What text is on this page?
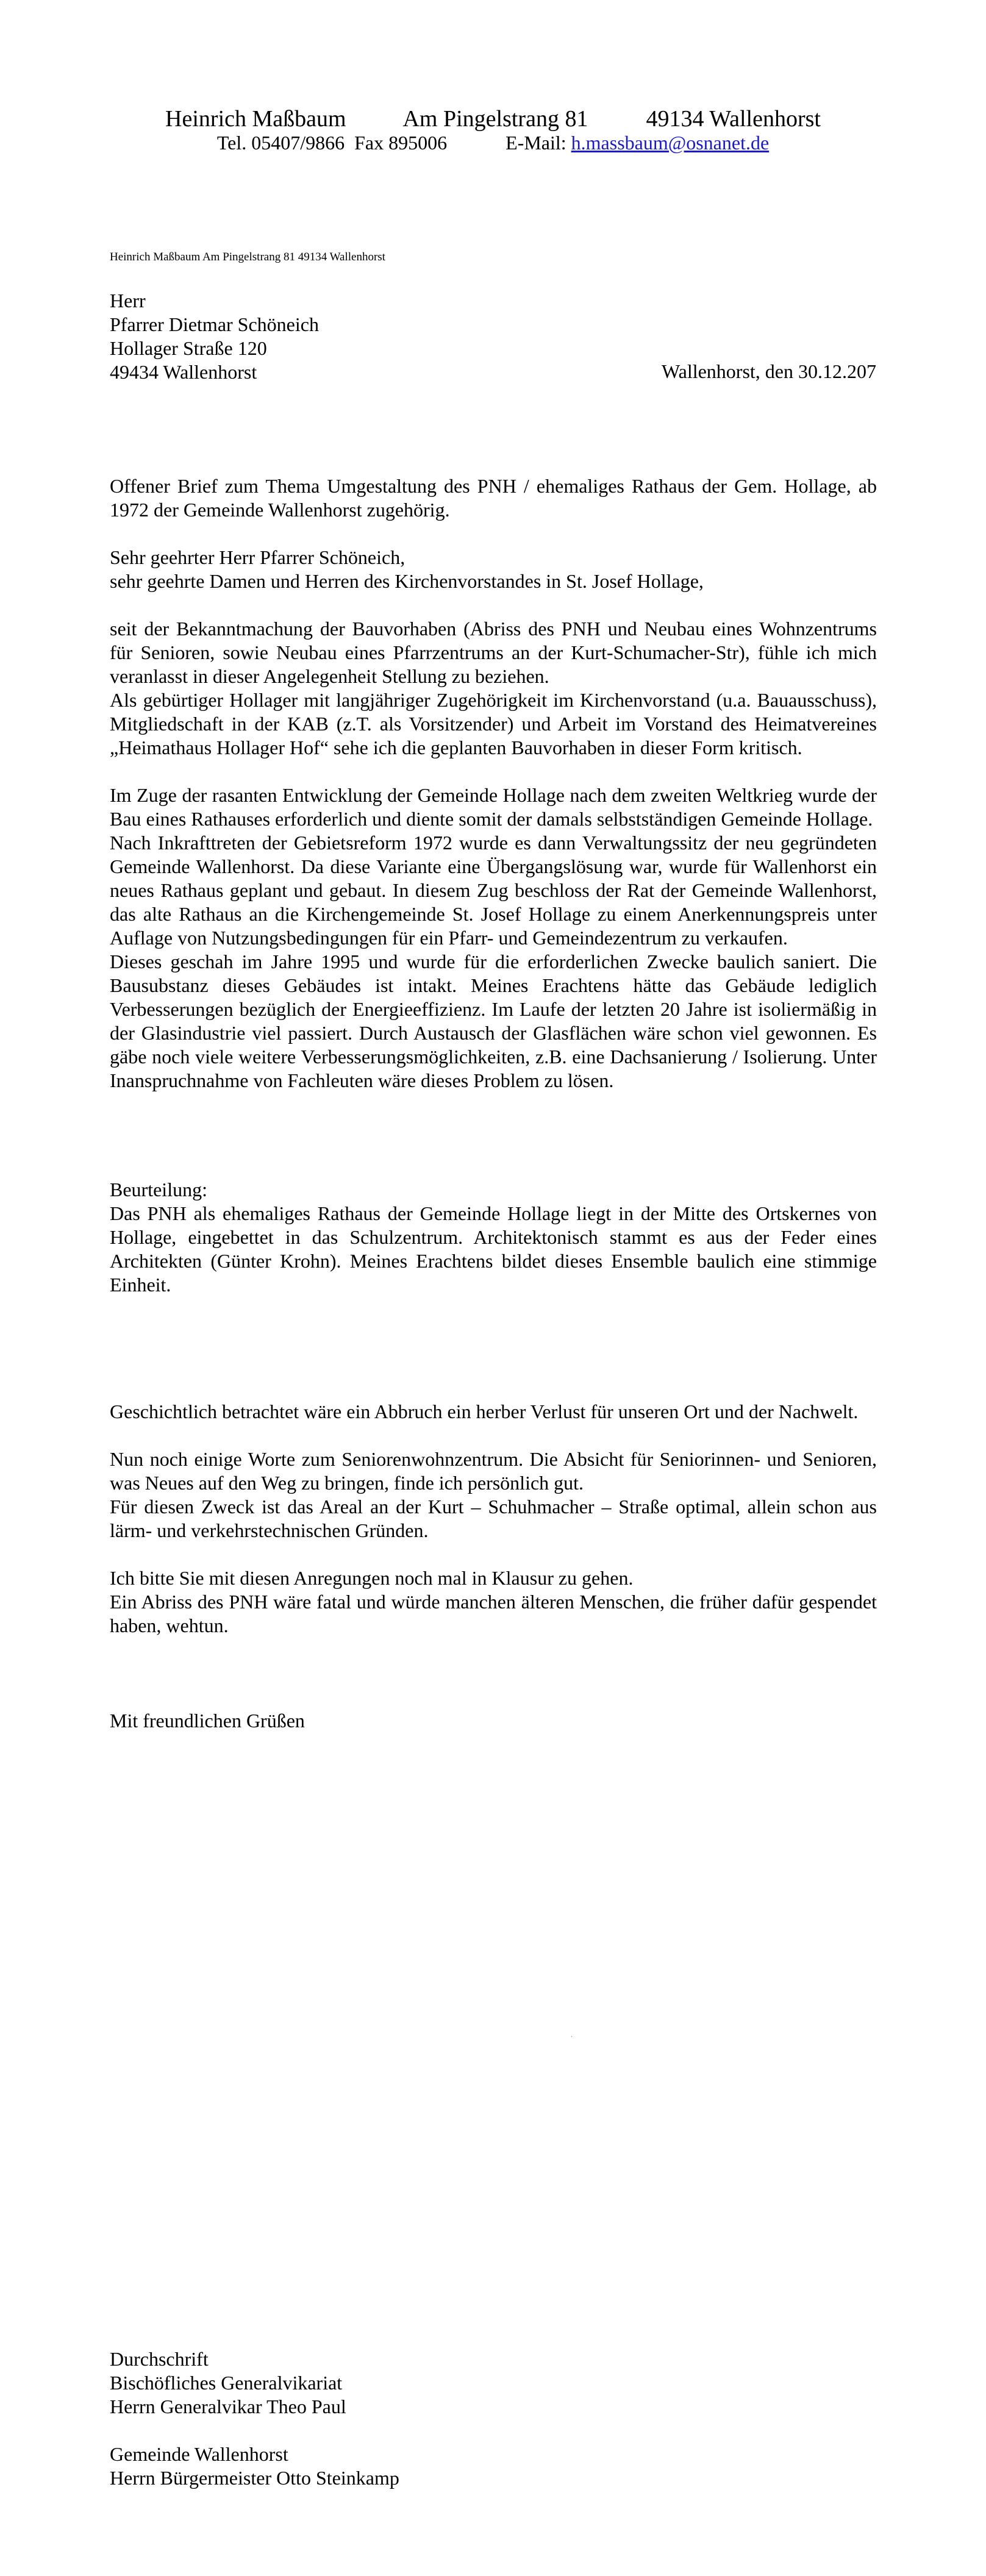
Heinrich Maßbaum          Am Pingelstrang 81          49134 Wallenhorst
Tel. 05407/9866  Fax 895006            E-Mail: h.massbaum@osnanet.de
Heinrich Maßbaum Am Pingelstrang 81 49134 Wallenhorst
Herr
Pfarrer Dietmar Schöneich
Hollager Straße 120
49434 Wallenhorst	Wallenhorst, den 30.12.207

Offener Brief zum Thema Umgestaltung des PNH / ehemaliges Rathaus der Gem. Hollage, ab 1972 der Gemeinde Wallenhorst zugehörig.

Sehr geehrter Herr Pfarrer Schöneich,

sehr geehrte Damen und Herren des Kirchenvorstandes in St. Josef Hollage,

seit der Bekanntmachung der Bauvorhaben (Abriss des PNH und Neubau eines Wohnzentrums für Senioren, sowie Neubau eines Pfarrzentrums an der Kurt-Schumacher-Str), fühle ich mich veranlasst in dieser Angelegenheit Stellung zu beziehen.

Als gebürtiger Hollager mit langjähriger Zugehörigkeit im Kirchenvorstand (u.a. Bauausschuss), Mitgliedschaft in der KAB (z.T. als Vorsitzender) und Arbeit im Vorstand des Heimatvereines „Heimathaus Hollager Hof“ sehe ich die geplanten Bauvorhaben in dieser Form kritisch.

Im Zuge der rasanten Entwicklung der Gemeinde Hollage nach dem zweiten Weltkrieg wurde der Bau eines Rathauses erforderlich und diente somit der damals selbstständigen Gemeinde Hollage.

Nach Inkrafttreten der Gebietsreform 1972 wurde es dann Verwaltungssitz der neu gegründeten Gemeinde Wallenhorst. Da diese Variante eine Übergangslösung war, wurde für Wallenhorst ein neues Rathaus geplant und gebaut. In diesem Zug beschloss der Rat der Gemeinde Wallenhorst, das alte Rathaus an die Kirchengemeinde St. Josef Hollage zu einem Anerkennungspreis unter Auflage von Nutzungsbedingungen für ein Pfarr- und Gemeindezentrum zu verkaufen.

Dieses geschah im Jahre 1995 und wurde für die erforderlichen Zwecke baulich saniert. Die Bausubstanz dieses Gebäudes ist intakt. Meines Erachtens hätte das Gebäude lediglich Verbesserungen bezüglich der Energieeffizienz. Im Laufe der letzten 20 Jahre ist isoliermäßig in der Glasindustrie viel passiert. Durch Austausch der Glasflächen wäre schon viel gewonnen. Es gäbe noch viele weitere Verbesserungsmöglichkeiten, z.B. eine Dachsanierung / Isolierung. Unter Inanspruchnahme von Fachleuten wäre dieses Problem zu lösen.

Beurteilung:

Das PNH als ehemaliges Rathaus der Gemeinde Hollage liegt in der Mitte des Ortskernes von Hollage, eingebettet in das Schulzentrum. Architektonisch stammt es aus der Feder eines Architekten (Günter Krohn). Meines Erachtens bildet dieses Ensemble baulich eine stimmige Einheit.

Geschichtlich betrachtet wäre ein Abbruch ein herber Verlust für unseren Ort und der Nachwelt.

Nun noch einige Worte zum Seniorenwohnzentrum. Die Absicht für Seniorinnen- und Senioren, was Neues auf den Weg zu bringen, finde ich persönlich gut.

Für diesen Zweck ist das Areal an der Kurt – Schuhmacher – Straße optimal, allein schon aus lärm- und verkehrstechnischen Gründen.

Ich bitte Sie mit diesen Anregungen noch mal in Klausur zu gehen.

Ein Abriss des PNH wäre fatal und würde manchen älteren Menschen, die früher dafür gespendet haben, wehtun.

Mit freundlichen Grüßen

.

Durchschrift

Bischöfliches Generalvikariat

Herrn Generalvikar Theo Paul

Gemeinde Wallenhorst

Herrn Bürgermeister Otto Steinkamp
